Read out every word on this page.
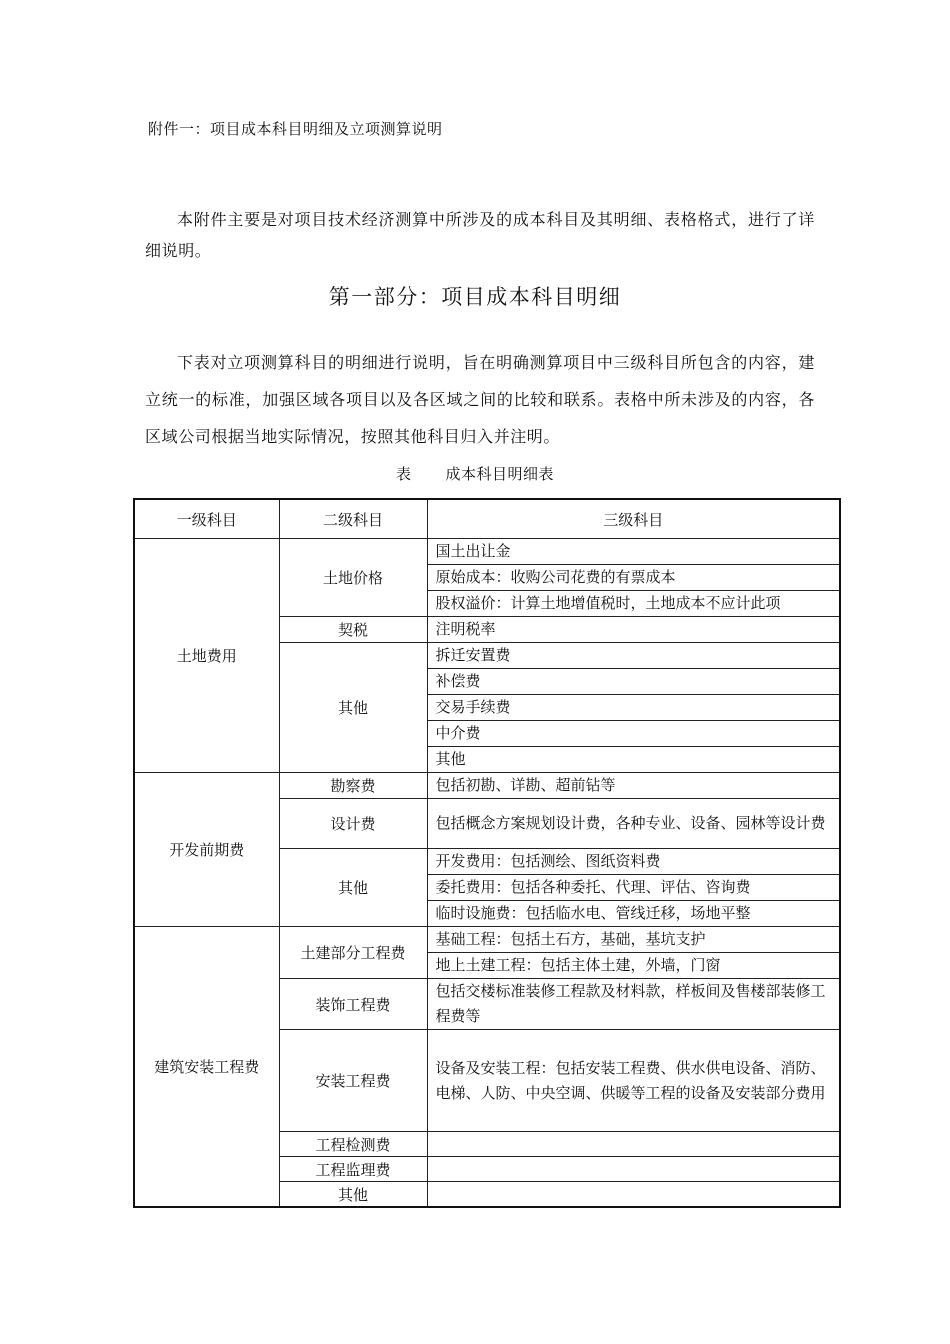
附件一：项目成本科目明细及立项测算说明

本附件主要是对项目技术经济测算中所涉及的成本科目及其明细、表格格式，进行了详细说明。

第一部分：项目成本科目明细

下表对立项测算科目的明细进行说明，旨在明确测算项目中三级科目所包含的内容，建立统一的标准，加强区域各项目以及各区域之间的比较和联系。表格中所未涉及的内容，各区域公司根据当地实际情况，按照其他科目归入并注明。

表 成本科目明细表
一级科目	二级科目	三级科目
土地费用	土地价格	国土出让金
		原始成本：收购公司花费的有票成本
		股权溢价：计算土地增值税时，土地成本不应计此项
	契税	注明税率
	其他	拆迁安置费
		补偿费
		交易手续费
		中介费
		其他
开发前期费	勘察费	包括初勘、详勘、超前钻等
	设计费	包括概念方案规划设计费，各种专业、设备、园林等设计费
	其他	开发费用：包括测绘、图纸资料费
		委托费用：包括各种委托、代理、评估、咨询费
		临时设施费：包括临水电、管线迁移，场地平整
建筑安装工程费	土建部分工程费	基础工程：包括土石方，基础，基坑支护
		地上土建工程：包括主体土建，外墙，门窗
	装饰工程费	包括交楼标准装修工程款及材料款，样板间及售楼部装修工程费等
	安装工程费	设备及安装工程：包括安装工程费、供水供电设备、消防、电梯、人防、中央空调、供暖等工程的设备及安装部分费用
	工程检测费	
	工程监理费	
	其他	
